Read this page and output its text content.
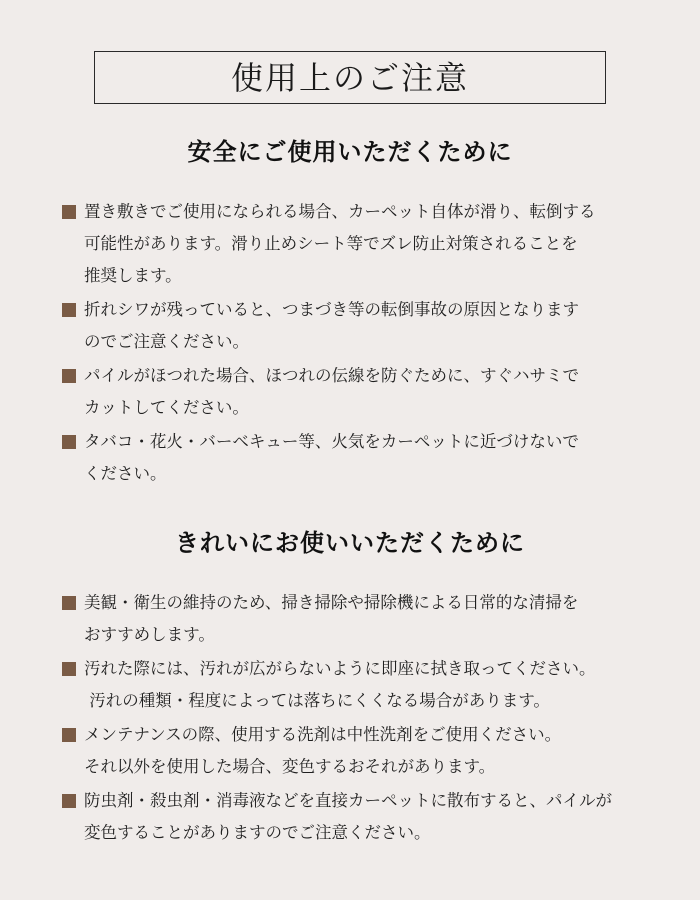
使用上のご注意
安全にご使用いただくために
置き敷きでご使用になられる場合、カーペット自体が滑り、転倒する
可能性があります。滑り止めシート等でズレ防止対策されることを
推奨します。
折れシワが残っていると、つまづき等の転倒事故の原因となります
のでご注意ください。
パイルがほつれた場合、ほつれの伝線を防ぐために、すぐハサミで
カットしてください。
タバコ・花火・バーベキュー等、火気をカーペットに近づけないで
ください。
きれいにお使いいただくために
美観・衛生の維持のため、掃き掃除や掃除機による日常的な清掃を
おすすめします。
汚れた際には、汚れが広がらないように即座に拭き取ってください。
汚れの種類・程度によっては落ちにくくなる場合があります。
メンテナンスの際、使用する洗剤は中性洗剤をご使用ください。
それ以外を使用した場合、変色するおそれがあります。
防虫剤・殺虫剤・消毒液などを直接カーペットに散布すると、パイルが
変色することがありますのでご注意ください。
